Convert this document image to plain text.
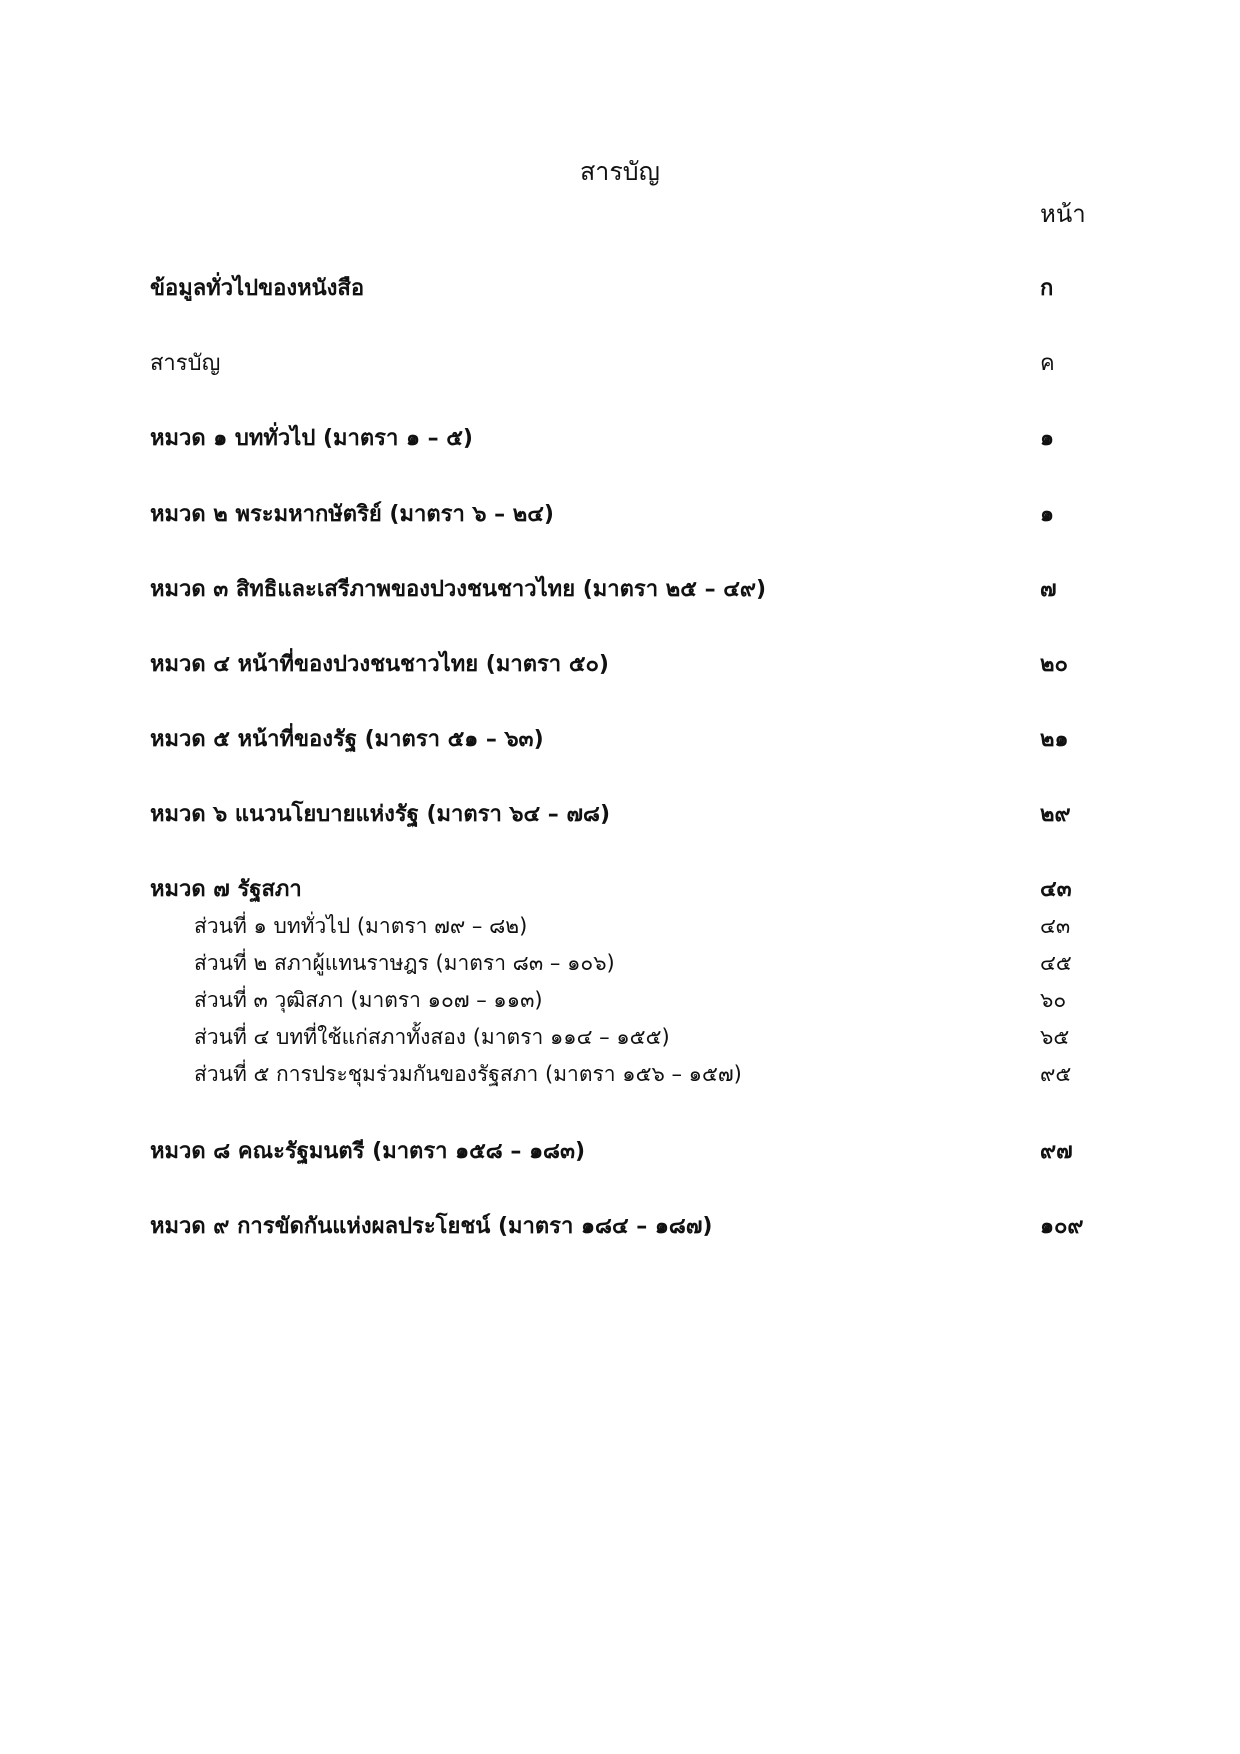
สารบัญ
หน้า
ข้อมูลทั่วไปของหนังสือ	ก
สารบัญ	ค
หมวด ๑ บททั่วไป (มาตรา ๑ – ๕)	๑
หมวด ๒ พระมหากษัตริย์ (มาตรา ๖ – ๒๔)	๑
หมวด ๓ สิทธิและเสรีภาพของปวงชนชาวไทย (มาตรา ๒๕ – ๔๙)	๗
หมวด ๔ หน้าที่ของปวงชนชาวไทย (มาตรา ๕๐)	๒๐
หมวด ๕ หน้าที่ของรัฐ (มาตรา ๕๑ – ๖๓)	๒๑
หมวด ๖ แนวนโยบายแห่งรัฐ (มาตรา ๖๔ – ๗๘)	๒๙
หมวด ๗ รัฐสภา	๔๓
ส่วนที่ ๑ บททั่วไป (มาตรา ๗๙ – ๘๒)	๔๓
ส่วนที่ ๒ สภาผู้แทนราษฎร (มาตรา ๘๓ – ๑๐๖)	๔๕
ส่วนที่ ๓ วุฒิสภา (มาตรา ๑๐๗ – ๑๑๓)	๖๐
ส่วนที่ ๔ บทที่ใช้แก่สภาทั้งสอง (มาตรา ๑๑๔ – ๑๕๕)	๖๕
ส่วนที่ ๕ การประชุมร่วมกันของรัฐสภา (มาตรา ๑๕๖ – ๑๕๗)	๙๕
หมวด ๘ คณะรัฐมนตรี (มาตรา ๑๕๘ – ๑๘๓)	๙๗
หมวด ๙ การขัดกันแห่งผลประโยชน์ (มาตรา ๑๘๔ – ๑๘๗)	๑๐๙
